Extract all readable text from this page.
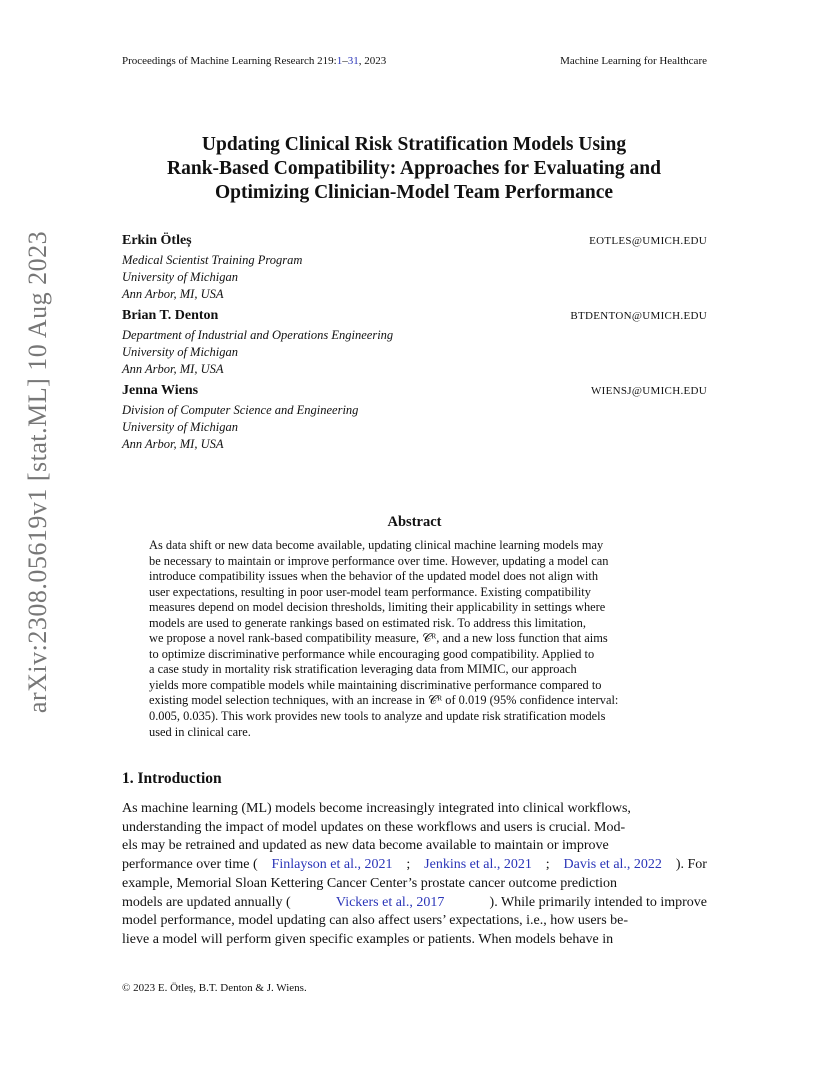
arXiv:2308.05619v1 [stat.ML] 10 Aug 2023
Proceedings of Machine Learning Research 219:1–31, 2023	Machine Learning for Healthcare
Updating Clinical Risk Stratification Models Using
Rank-Based Compatibility: Approaches for Evaluating and
Optimizing Clinician-Model Team Performance
Erkin Ötleș	EOTLES@UMICH.EDU
Medical Scientist Training Program
University of Michigan
Ann Arbor, MI, USA
Brian T. Denton	BTDENTON@UMICH.EDU
Department of Industrial and Operations Engineering
University of Michigan
Ann Arbor, MI, USA
Jenna Wiens	WIENSJ@UMICH.EDU
Division of Computer Science and Engineering
University of Michigan
Ann Arbor, MI, USA
Abstract
As data shift or new data become available, updating clinical machine learning models may
be necessary to maintain or improve performance over time. However, updating a model can
introduce compatibility issues when the behavior of the updated model does not align with
user expectations, resulting in poor user-model team performance. Existing compatibility
measures depend on model decision thresholds, limiting their applicability in settings where
models are used to generate rankings based on estimated risk. To address this limitation,
we propose a novel rank-based compatibility measure, 𝒞ᴿ, and a new loss function that aims
to optimize discriminative performance while encouraging good compatibility. Applied to
a case study in mortality risk stratification leveraging data from MIMIC, our approach
yields more compatible models while maintaining discriminative performance compared to
existing model selection techniques, with an increase in 𝒞ᴿ of 0.019 (95% confidence interval:
0.005, 0.035). This work provides new tools to analyze and update risk stratification models
used in clinical care.
1. Introduction
As machine learning (ML) models become increasingly integrated into clinical workflows,
understanding the impact of model updates on these workflows and users is crucial. Mod-
els may be retrained and updated as new data become available to maintain or improve
performance over time ( Finlayson et al., 2021 ; Jenkins et al., 2021 ; Davis et al., 2022 ). For
example, Memorial Sloan Kettering Cancer Center’s prostate cancer outcome prediction
models are updated annually (	Vickers et al., 2017	). While primarily intended to improve
model performance, model updating can also affect users’ expectations, i.e., how users be-
lieve a model will perform given specific examples or patients. When models behave in
© 2023 E. Ötleș, B.T. Denton & J. Wiens.
